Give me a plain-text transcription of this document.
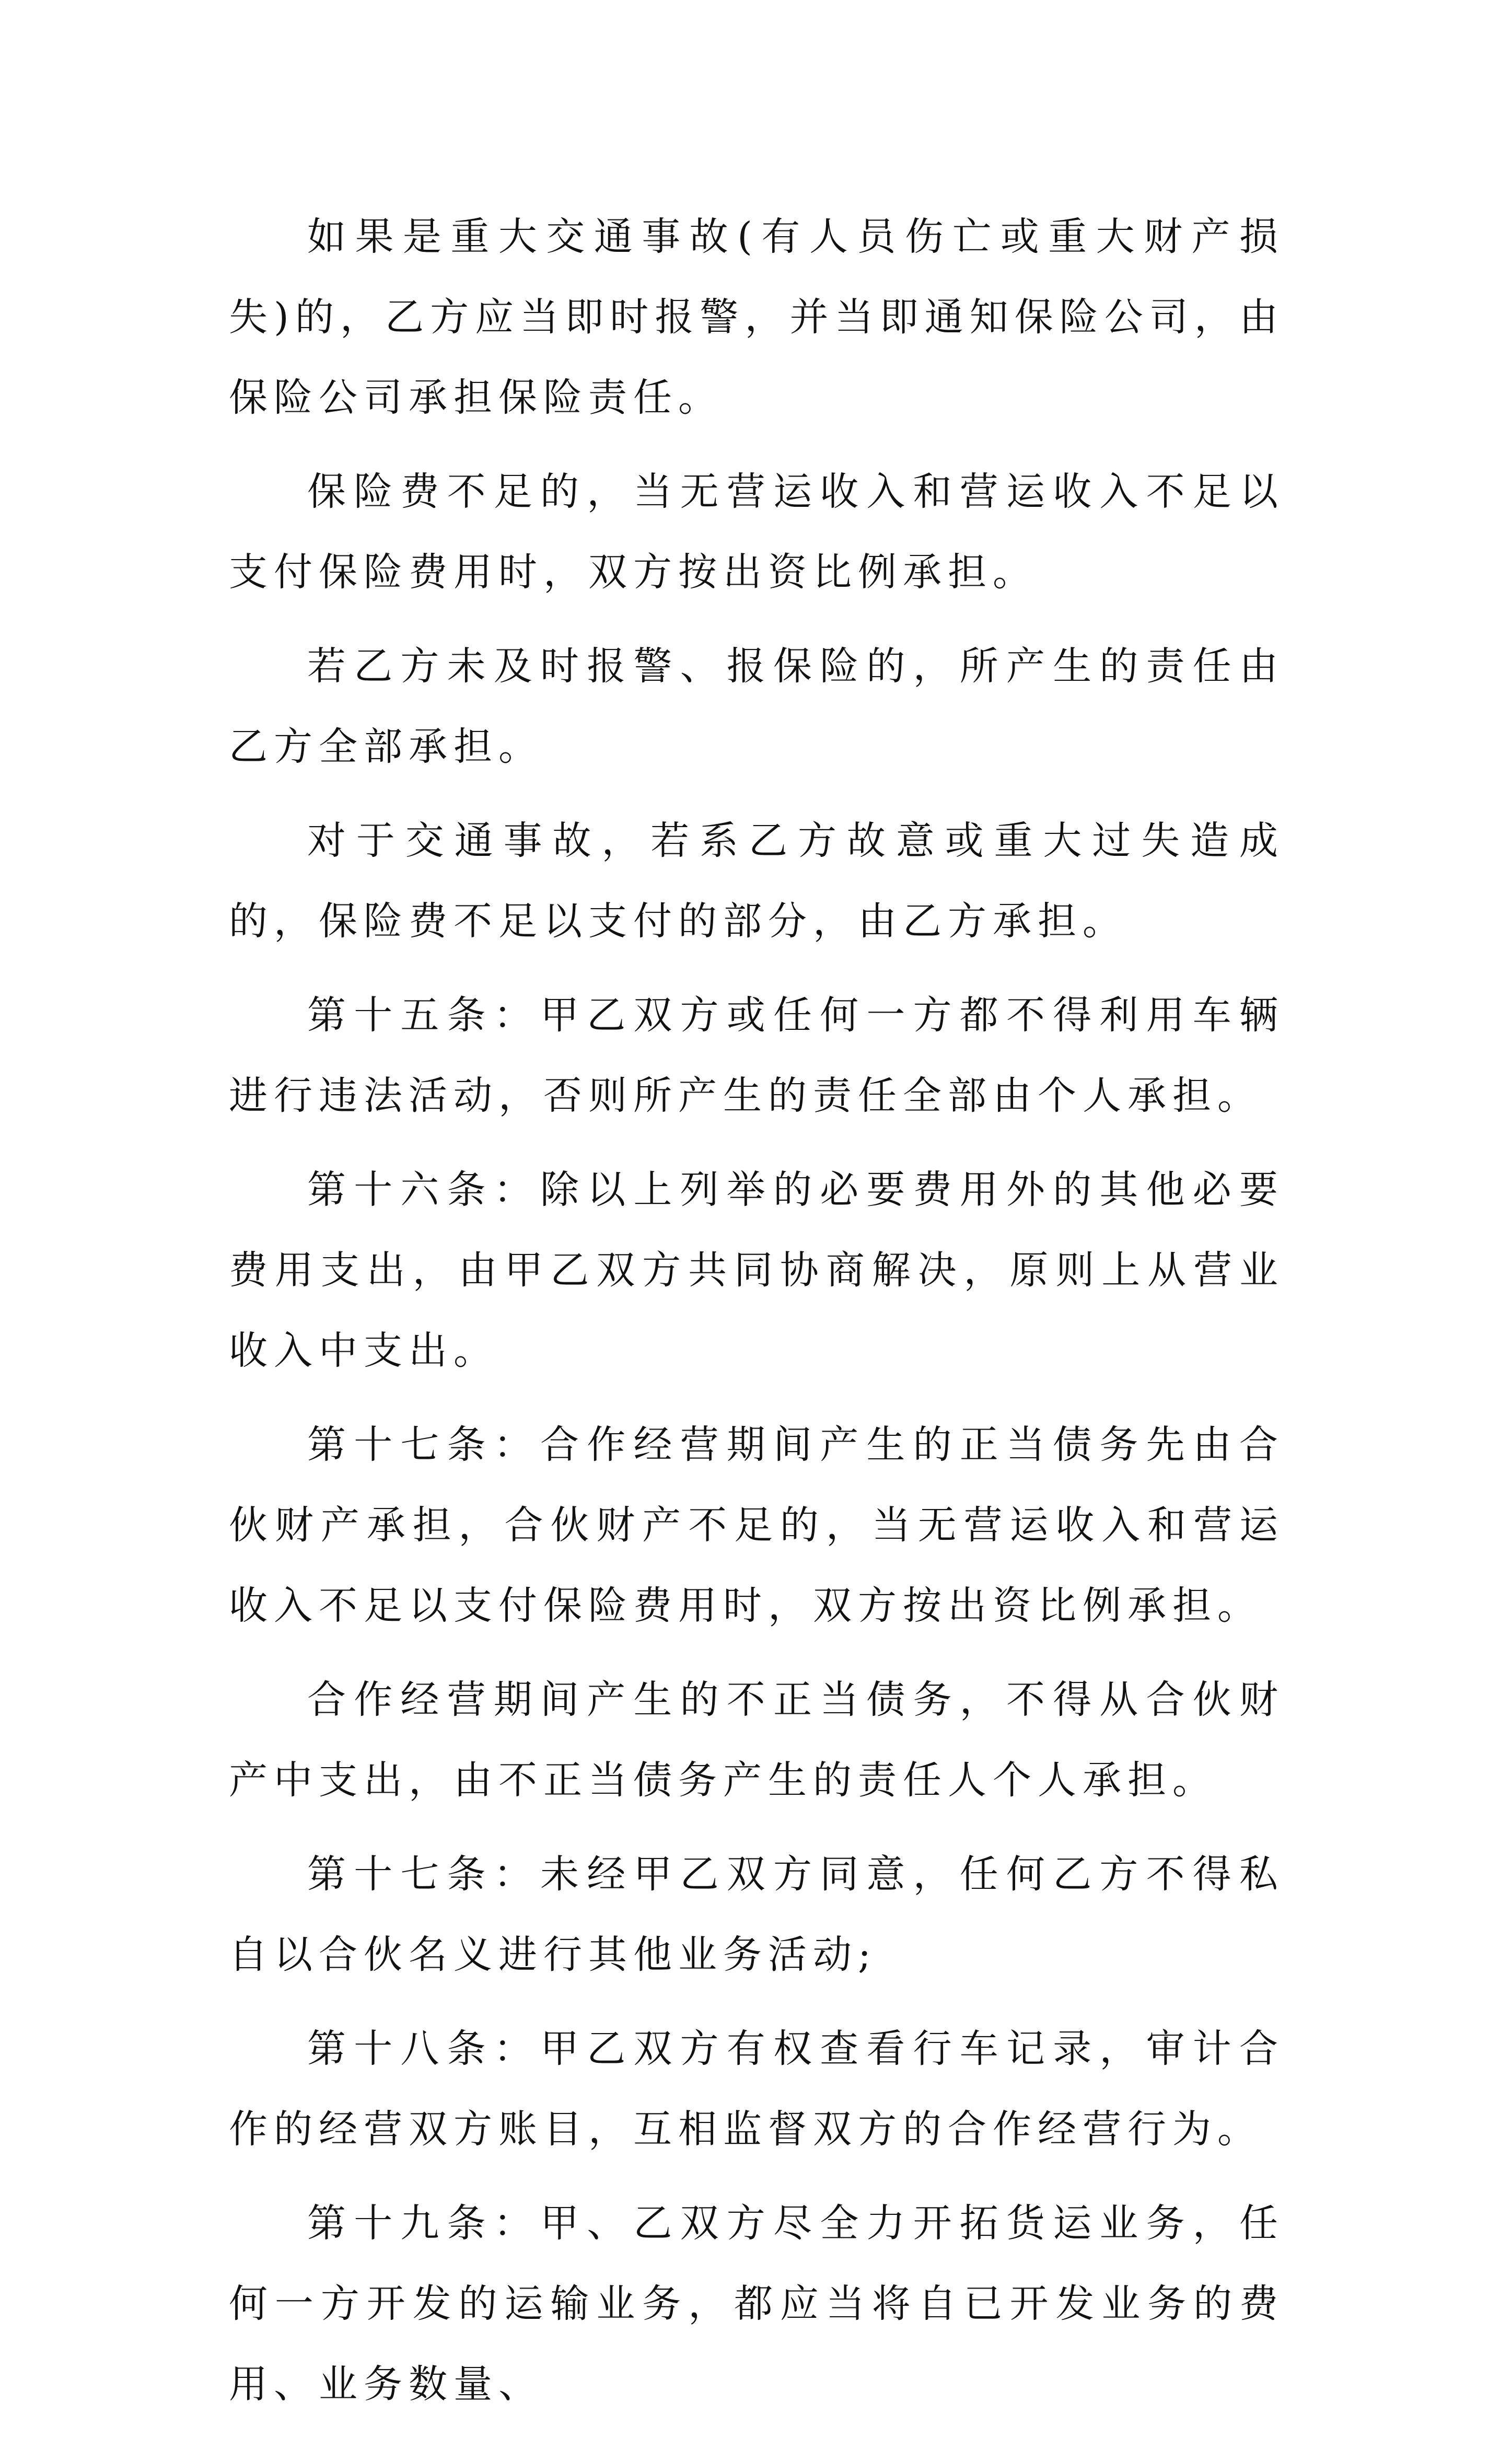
如果是重大交通事故(有人员伤亡或重大财产损失)的，乙方应当即时报警，并当即通知保险公司，由保险公司承担保险责任。

保险费不足的，当无营运收入和营运收入不足以支付保险费用时，双方按出资比例承担。

若乙方未及时报警、报保险的，所产生的责任由乙方全部承担。

对于交通事故，若系乙方故意或重大过失造成的，保险费不足以支付的部分，由乙方承担。

第十五条：甲乙双方或任何一方都不得利用车辆进行违法活动，否则所产生的责任全部由个人承担。

第十六条：除以上列举的必要费用外的其他必要费用支出，由甲乙双方共同协商解决，原则上从营业收入中支出。

第十七条：合作经营期间产生的正当债务先由合伙财产承担，合伙财产不足的，当无营运收入和营运收入不足以支付保险费用时，双方按出资比例承担。

合作经营期间产生的不正当债务，不得从合伙财产中支出，由不正当债务产生的责任人个人承担。

第十七条：未经甲乙双方同意，任何乙方不得私自以合伙名义进行其他业务活动;

第十八条：甲乙双方有权查看行车记录，审计合作的经营双方账目，互相监督双方的合作经营行为。

第十九条：甲、乙双方尽全力开拓货运业务，任何一方开发的运输业务，都应当将自已开发业务的费用、业务数量、
